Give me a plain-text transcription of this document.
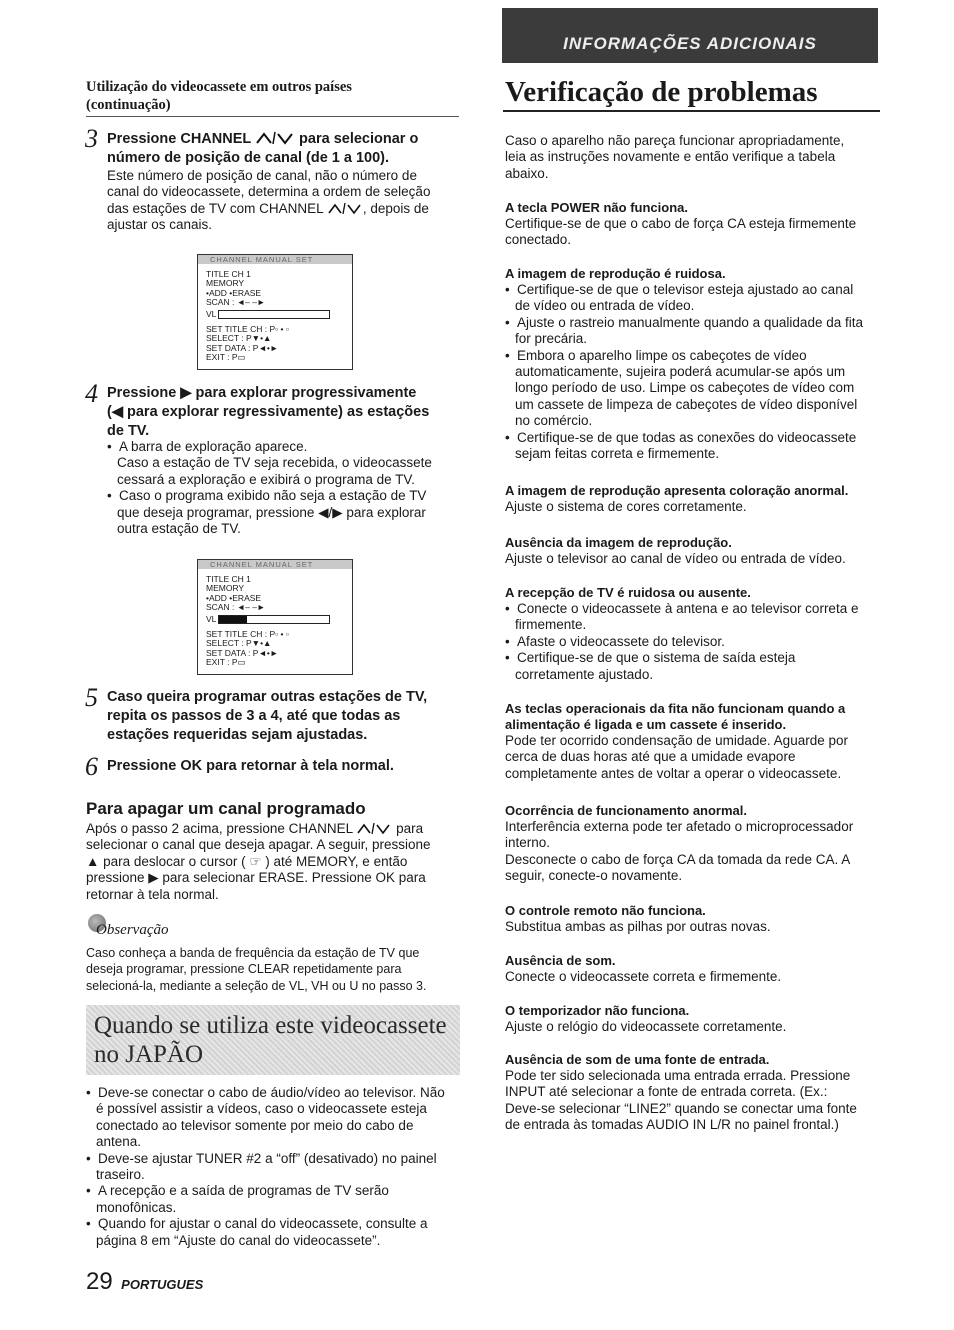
Utilização do videocassete em outros países
(continuação)
3 Pressione CHANNEL	para selecionar o
número de posição de canal (de 1 a 100).

Este número de posição de canal, não o número de

canal do videocassete, determina a ordem de seleção

das estações de TV com CHANNEL	, depois de

ajustar os canais.

CHANNEL MANUAL SET
TITLE CH 1
MEMORY
•ADD •ERASE
SCAN : ◄– –►
VL
SET TITLE CH : P▫ • ▫
SELECT : P▼•▲
SET DATA : P◄•►
EXIT : P▭
4 Pressione ▶ para explorar progressivamente
(◀ para explorar regressivamente) as estações
de TV.
• A barra de exploração aparece.

Caso a estação de TV seja recebida, o videocassete

cessará a exploração e exibirá o programa de TV.

• Caso o programa exibido não seja a estação de TV

que deseja programar, pressione ◀/▶ para explorar

outra estação de TV.

CHANNEL MANUAL SET
TITLE CH 1
MEMORY
•ADD •ERASE
SCAN : ◄– –►
VL
SET TITLE CH : P▫ • ▫
SELECT : P▼•▲
SET DATA : P◄•►
EXIT : P▭
5 Caso queira programar outras estações de TV,
repita os passos de 3 a 4, até que todas as
estações requeridas sejam ajustadas.
6 Pressione OK para retornar à tela normal.
Para apagar um canal programado

Após o passo 2 acima, pressione CHANNEL	para

selecionar o canal que deseja apagar. A seguir, pressione

▲ para deslocar o cursor ( ☞ ) até MEMORY, e então

pressione ▶ para selecionar ERASE. Pressione OK para

retornar à tela normal.

Observação

Caso conheça a banda de frequência da estação de TV que

deseja programar, pressione CLEAR repetidamente para

selecioná-la, mediante a seleção de VL, VH ou U no passo 3.

Quando se utiliza este videocassete
no JAPÃO
• Deve-se conectar o cabo de áudio/vídeo ao televisor. Não

é possível assistir a vídeos, caso o videocassete esteja

conectado ao televisor somente por meio do cabo de

antena.

• Deve-se ajustar TUNER #2 a “off” (desativado) no painel

traseiro.

• A recepção e a saída de programas de TV serão

monofônicas.

• Quando for ajustar o canal do videocassete, consulte a

página 8 em “Ajuste do canal do videocassete”.

29 PORTUGUES
INFORMAÇÕES ADICIONAIS
Verificação de problemas

Caso o aparelho não pareça funcionar apropriadamente,

leia as instruções novamente e então verifique a tabela

abaixo.

A tecla POWER não funciona.

Certifique-se de que o cabo de força CA esteja firmemente

conectado.

A imagem de reprodução é ruidosa.

• Certifique-se de que o televisor esteja ajustado ao canal

de vídeo ou entrada de vídeo.

• Ajuste o rastreio manualmente quando a qualidade da fita

for precária.

• Embora o aparelho limpe os cabeçotes de vídeo

automaticamente, sujeira poderá acumular-se após um

longo período de uso. Limpe os cabeçotes de vídeo com

um cassete de limpeza de cabeçotes de vídeo disponível

no comércio.

• Certifique-se de que todas as conexões do videocassete

sejam feitas correta e firmemente.

A imagem de reprodução apresenta coloração anormal.

Ajuste o sistema de cores corretamente.

Ausência da imagem de reprodução.

Ajuste o televisor ao canal de vídeo ou entrada de vídeo.

A recepção de TV é ruidosa ou ausente.

• Conecte o videocassete à antena e ao televisor correta e

firmemente.

• Afaste o videocassete do televisor.

• Certifique-se de que o sistema de saída esteja

corretamente ajustado.

As teclas operacionais da fita não funcionam quando a

alimentação é ligada e um cassete é inserido.

Pode ter ocorrido condensação de umidade. Aguarde por

cerca de duas horas até que a umidade evapore

completamente antes de voltar a operar o videocassete.

Ocorrência de funcionamento anormal.

Interferência externa pode ter afetado o microprocessador

interno.

Desconecte o cabo de força CA da tomada da rede CA. A

seguir, conecte-o novamente.

O controle remoto não funciona.

Substitua ambas as pilhas por outras novas.

Ausência de som.

Conecte o videocassete correta e firmemente.

O temporizador não funciona.

Ajuste o relógio do videocassete corretamente.

Ausência de som de uma fonte de entrada.

Pode ter sido selecionada uma entrada errada. Pressione

INPUT até selecionar a fonte de entrada correta. (Ex.:

Deve-se selecionar “LINE2” quando se conectar uma fonte

de entrada às tomadas AUDIO IN L/R no painel frontal.)
